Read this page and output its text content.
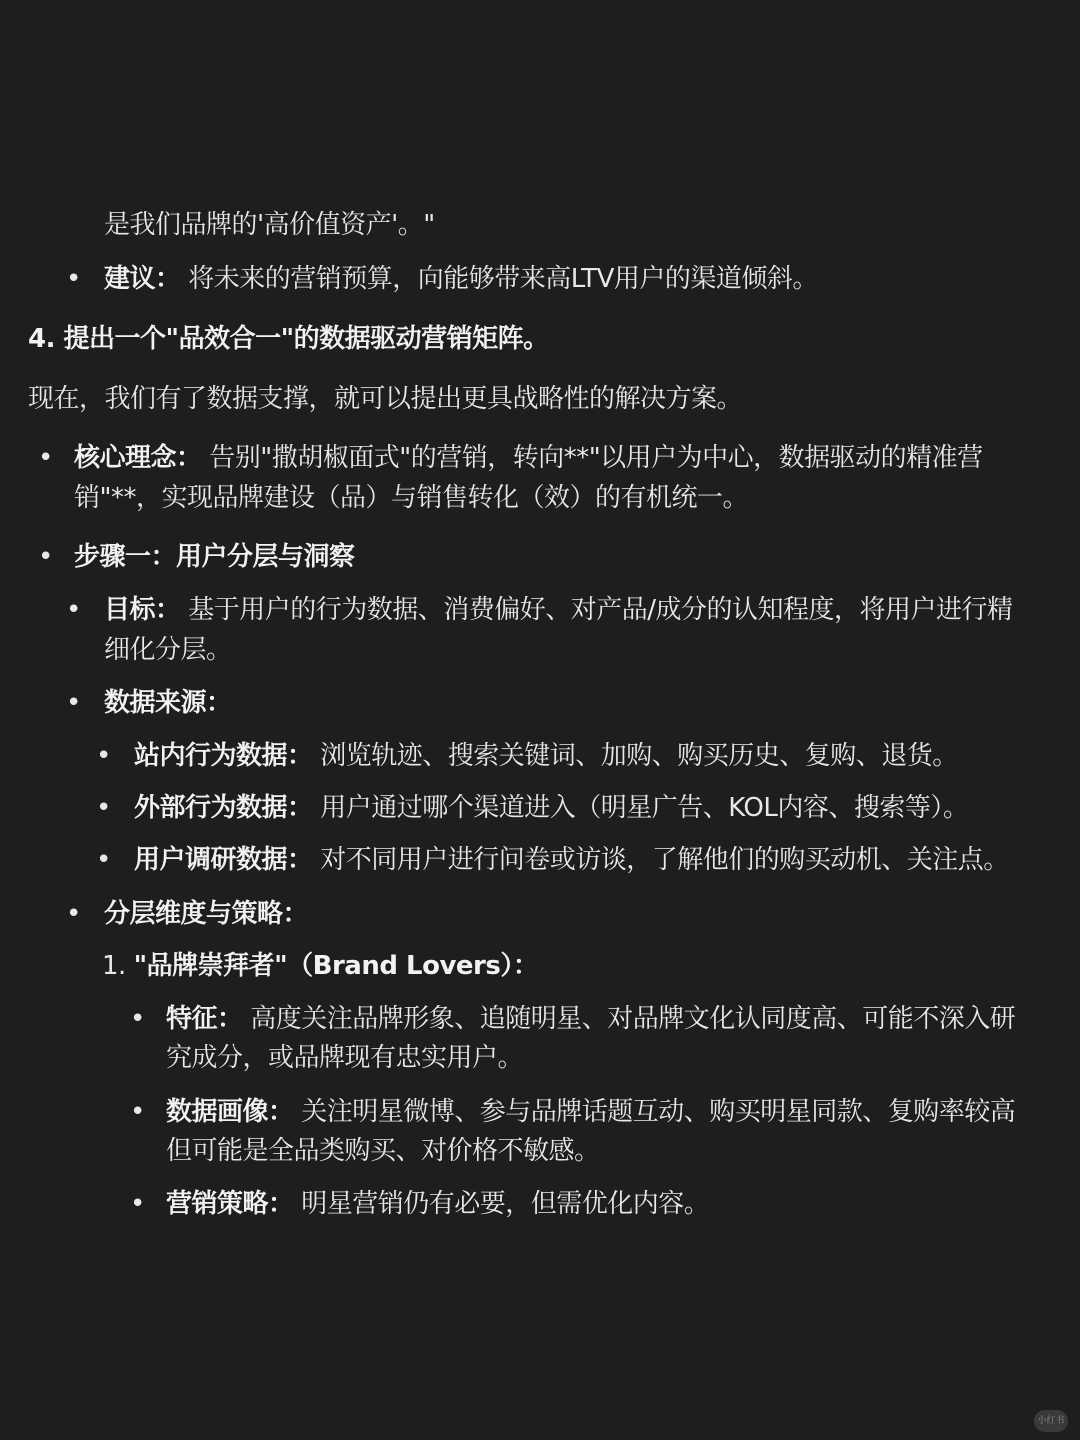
是我们品牌的'高价值资产'。"
• 建议： 将未来的营销预算，向能够带来高LTV用户的渠道倾斜。
4. 提出一个"品效合一"的数据驱动营销矩阵。
现在，我们有了数据支撑，就可以提出更具战略性的解决方案。
• 核心理念： 告别"撒胡椒面式"的营销，转向**"以用户为中心，数据驱动的精准营
销"**，实现品牌建设（品）与销售转化（效）的有机统一。
• 步骤一：用户分层与洞察
• 目标： 基于用户的行为数据、消费偏好、对产品/成分的认知程度，将用户进行精
细化分层。
• 数据来源：
• 站内行为数据： 浏览轨迹、搜索关键词、加购、购买历史、复购、退货。
• 外部行为数据： 用户通过哪个渠道进入（明星广告、KOL内容、搜索等）。
• 用户调研数据： 对不同用户进行问卷或访谈，了解他们的购买动机、关注点。
• 分层维度与策略：
1. "品牌崇拜者"（Brand Lovers）：
• 特征： 高度关注品牌形象、追随明星、对品牌文化认同度高、可能不深入研
究成分，或品牌现有忠实用户。
• 数据画像： 关注明星微博、参与品牌话题互动、购买明星同款、复购率较高
但可能是全品类购买、对价格不敏感。
• 营销策略： 明星营销仍有必要，但需优化内容。
小红书
